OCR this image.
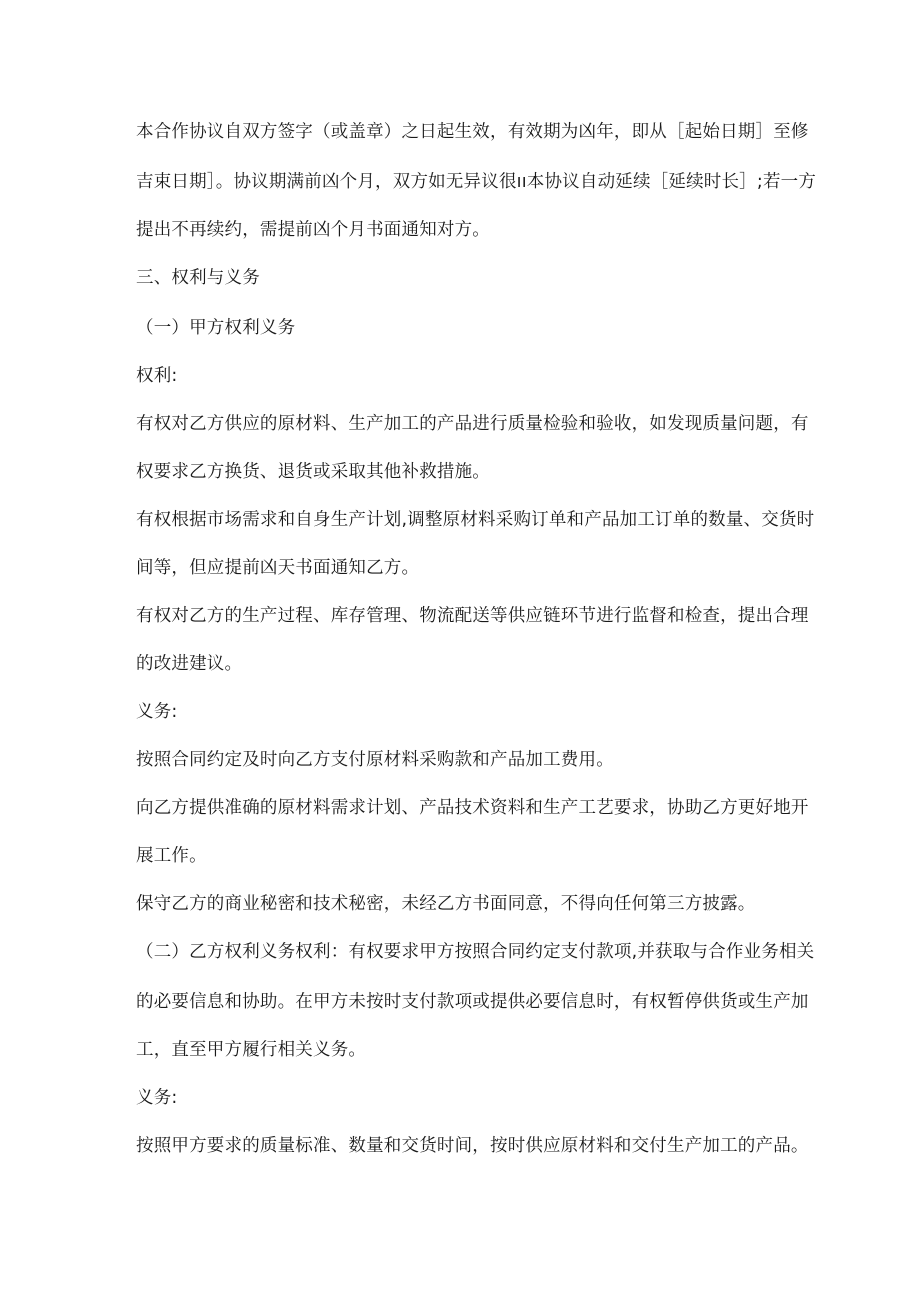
本合作协议自双方签字（或盖章）之日起生效，有效期为凶年，即从［起始日期］至修
吉束日期］。协议期满前凶个月，双方如无异议很ıı本协议自动延续［延续时长］;若一方
提出不再续约，需提前凶个月书面通知对方。
三、权利与义务
（一）甲方权利义务
权利:
有权对乙方供应的原材料、生产加工的产品进行质量检验和验收，如发现质量问题，有
权要求乙方换货、退货或采取其他补救措施。
有权根据市场需求和自身生产计划,调整原材料采购订单和产品加工订单的数量、交货时
间等，但应提前凶天书面通知乙方。
有权对乙方的生产过程、库存管理、物流配送等供应链环节进行监督和检查，提出合理
的改进建议。
义务:
按照合同约定及时向乙方支付原材料采购款和产品加工费用。
向乙方提供准确的原材料需求计划、产品技术资料和生产工艺要求，协助乙方更好地开
展工作。
保守乙方的商业秘密和技术秘密，未经乙方书面同意，不得向任何第三方披露。
（二）乙方权利义务权利：有权要求甲方按照合同约定支付款项,并获取与合作业务相关
的必要信息和协助。在甲方未按时支付款项或提供必要信息时，有权暂停供货或生产加
工，直至甲方履行相关义务。
义务:
按照甲方要求的质量标准、数量和交货时间，按时供应原材料和交付生产加工的产品。
